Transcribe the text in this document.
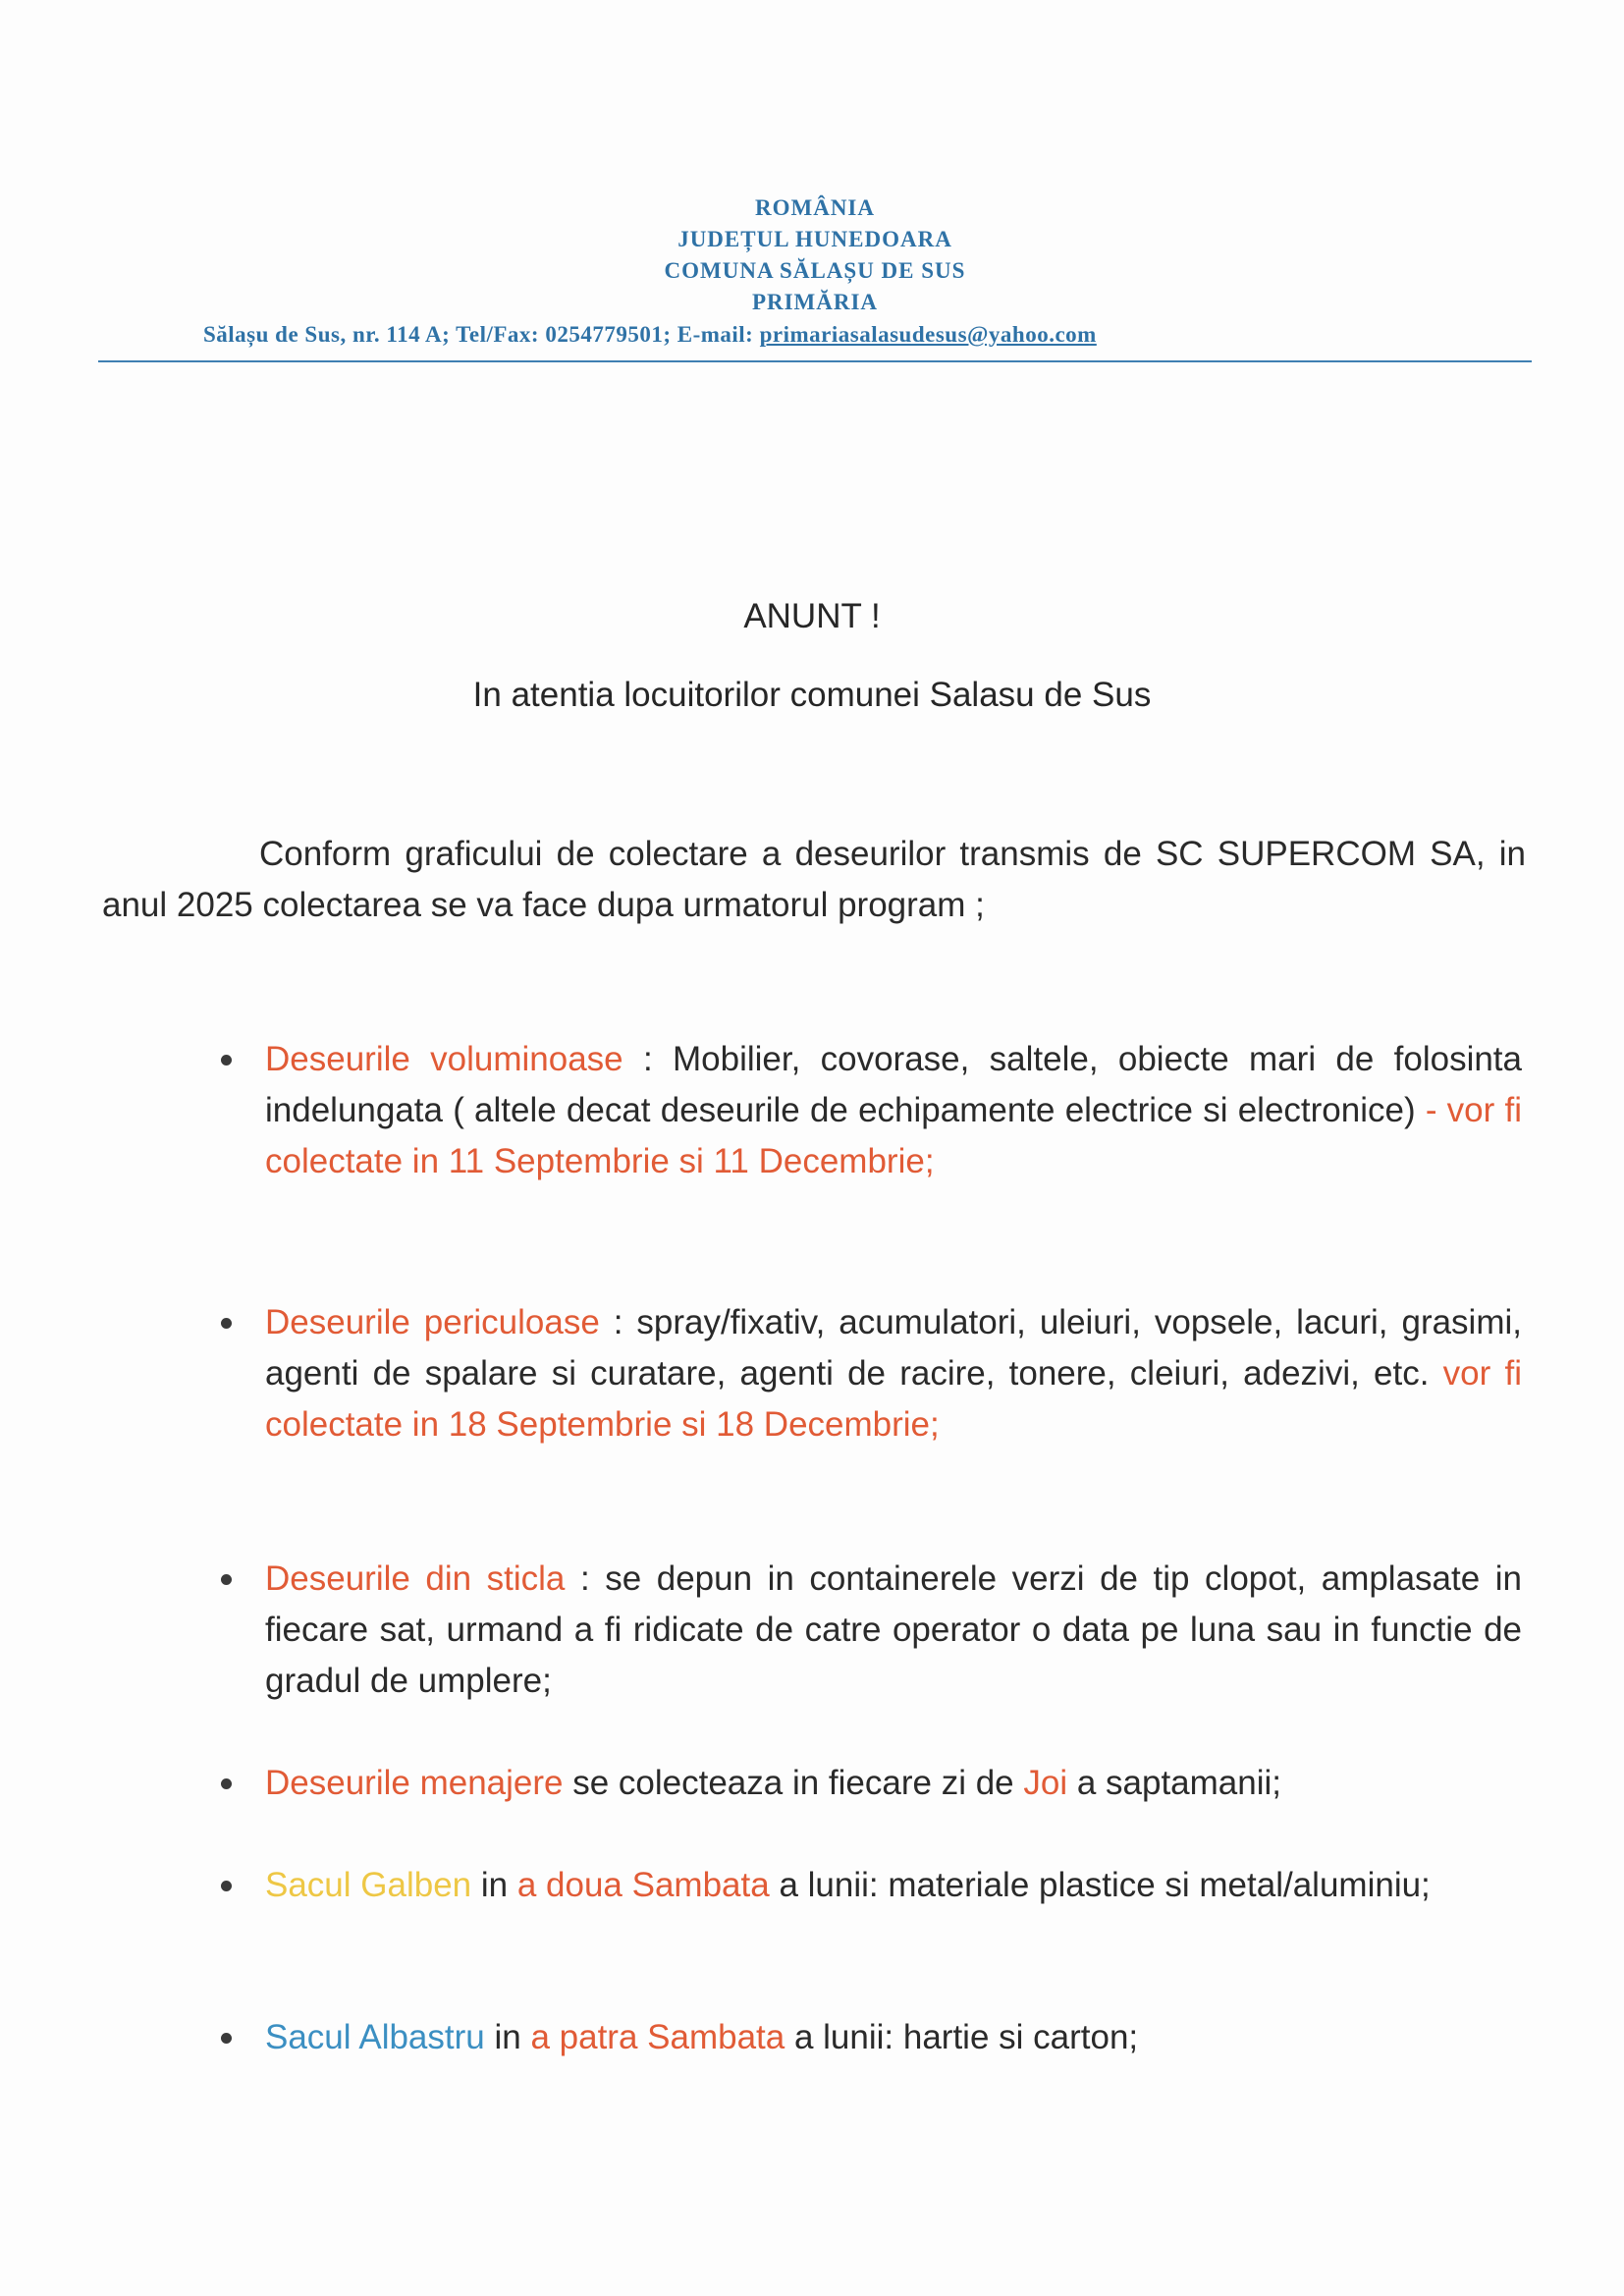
ROMÂNIA
JUDEȚUL HUNEDOARA
COMUNA SĂLAȘU DE SUS
PRIMĂRIA
Sălașu de Sus, nr. 114 A; Tel/Fax: 0254779501; E-mail: primariasalasudesus@yahoo.com
ANUNT !
In atentia locuitorilor comunei Salasu de Sus
Conform graficului de colectare a deseurilor transmis de SC SUPERCOM SA, in anul 2025 colectarea se va face dupa urmatorul program ;
Deseurile voluminoase : Mobilier, covorase, saltele, obiecte mari de folosinta indelungata ( altele decat deseurile de echipamente electrice si electronice) - vor fi colectate in 11 Septembrie si 11 Decembrie;
Deseurile periculoase : spray/fixativ, acumulatori, uleiuri, vopsele, lacuri, grasimi, agenti de spalare si curatare, agenti de racire, tonere, cleiuri, adezivi, etc. vor fi colectate in 18 Septembrie si 18 Decembrie;
Deseurile din sticla : se depun in containerele verzi de tip clopot, amplasate in fiecare sat, urmand a fi ridicate de catre operator o data pe luna sau in functie de gradul de umplere;
Deseurile menajere se colecteaza in fiecare zi de Joi a saptamanii;
Sacul Galben in a doua Sambata a lunii: materiale plastice si metal/aluminiu;
Sacul Albastru in a patra Sambata a lunii: hartie si carton;
